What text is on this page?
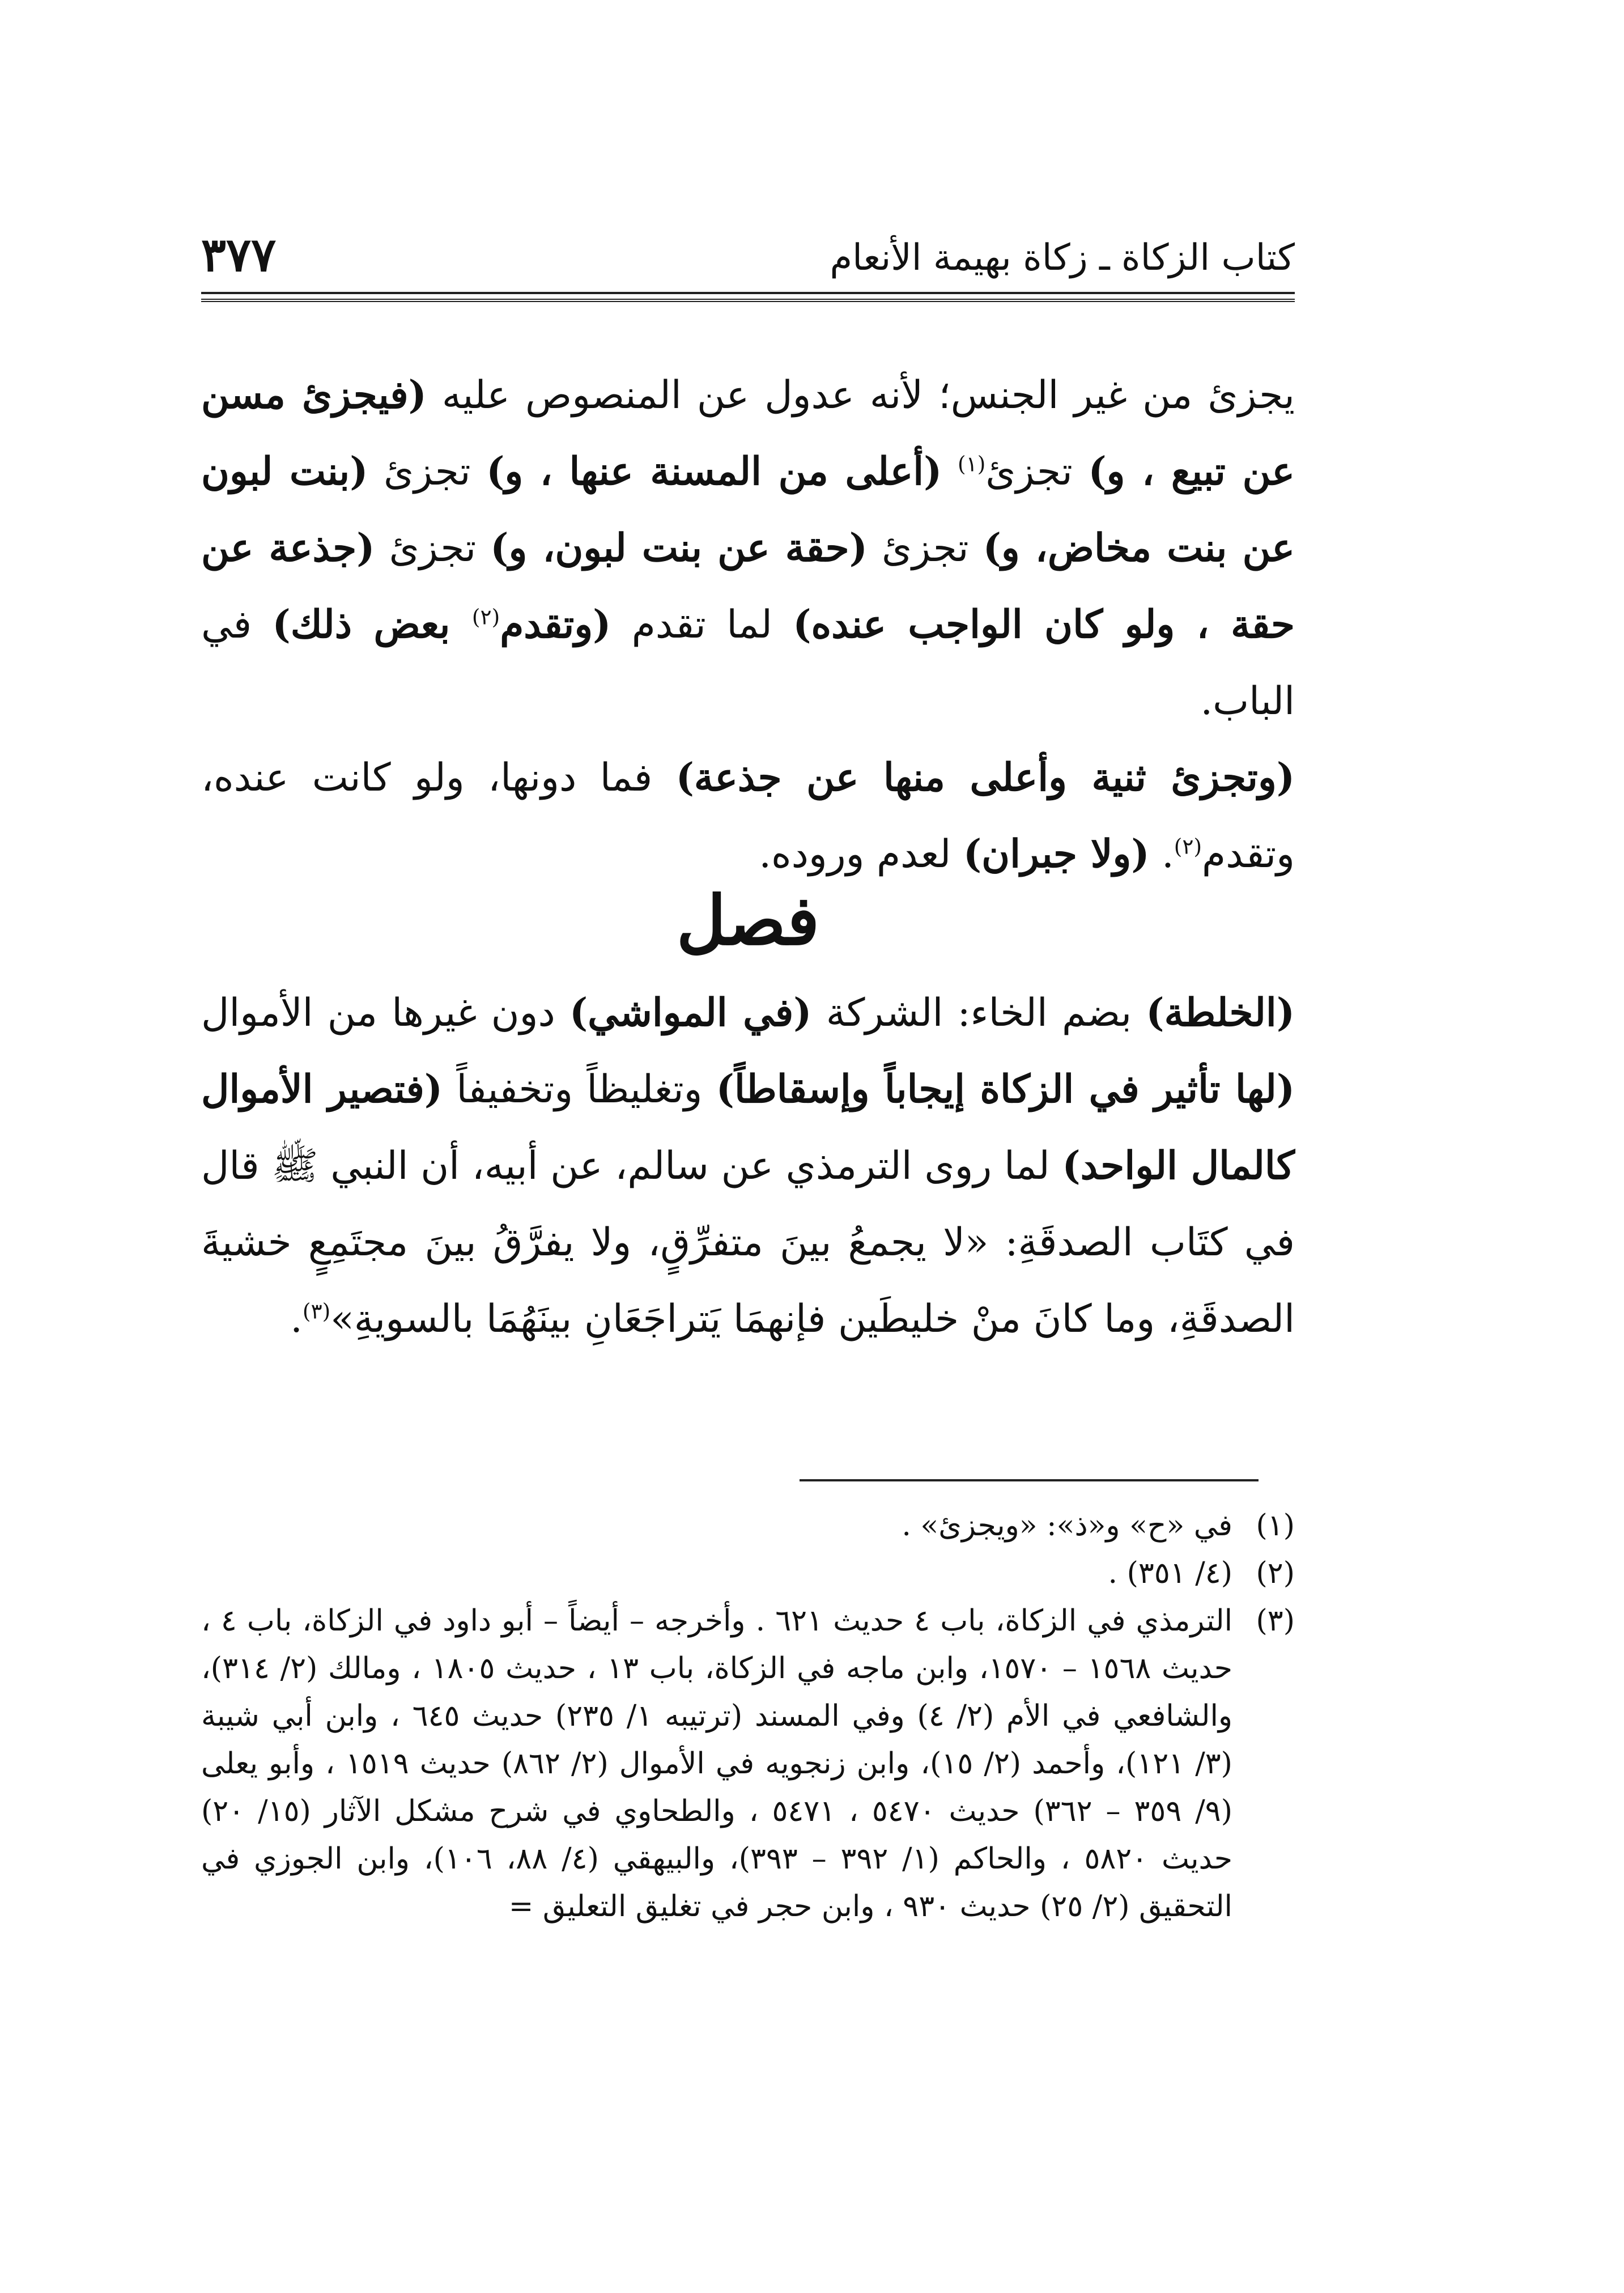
كتاب الزكاة ـ زكاة بهيمة الأنعام
٣٧٧

يجزئ من غير الجنس؛ لأنه عدول عن المنصوص عليه (فيجزئ مسن عن تبيع ، و) تجزئ$^{(١)}$ (أعلى من المسنة عنها ، و) تجزئ (بنت لبون عن بنت مخاض، و) تجزئ (حقة عن بنت لبون، و) تجزئ (جذعة عن حقة ، ولو كان الواجب عنده) لما تقدم (وتقدم$^{(٢)}$ بعض ذلك) في الباب.

(وتجزئ ثنية وأعلى منها عن جذعة) فما دونها، ولو كانت عنده، وتقدم$^{(٢)}$. (ولا جبران) لعدم وروده.

فصل

(الخلطة) بضم الخاء: الشركة (في المواشي) دون غيرها من الأموال (لها تأثير في الزكاة إيجاباً وإسقاطاً) وتغليظاً وتخفيفاً (فتصير الأموال كالمال الواحد) لما روى الترمذي عن سالم، عن أبيه، أن النبي ﷺ قال في كتَاب الصدقَةِ: «لا يجمعُ بينَ متفرِّقٍ، ولا يفرَّقُ بينَ مجتَمِعٍ خشيةَ الصدقَةِ، وما كانَ منْ خليطَين فإنهمَا يَتراجَعَانِ بينَهُمَا بالسويةِ»$^{(٣)}$.

(١)
في «ح» و«ذ»: «ويجزئ» .
(٢)
(٤/ ٣٥١) .
(٣)
الترمذي في الزكاة، باب ٤ حديث ٦٢١ . وأخرجه – أيضاً – أبو داود في الزكاة، باب ٤ ، حديث ١٥٦٨ – ١٥٧٠، وابن ماجه في الزكاة، باب ١٣ ، حديث ١٨٠٥ ، ومالك (٢/ ٣١٤)، والشافعي في الأم (٢/ ٤) وفي المسند (ترتيبه ١/ ٢٣٥) حديث ٦٤٥ ، وابن أبي شيبة (٣/ ١٢١)، وأحمد (٢/ ١٥)، وابن زنجويه في الأموال (٢/ ٨٦٢) حديث ١٥١٩ ، وأبو يعلى (٩/ ٣٥٩ – ٣٦٢) حديث ٥٤٧٠ ، ٥٤٧١ ، والطحاوي في شرح مشكل الآثار (١٥/ ٢٠) حديث ٥٨٢٠ ، والحاكم (١/ ٣٩٢ – ٣٩٣)، والبيهقي (٤/ ٨٨، ١٠٦)، وابن الجوزي في التحقيق (٢/ ٢٥) حديث ٩٣٠ ، وابن حجر في تغليق التعليق =
